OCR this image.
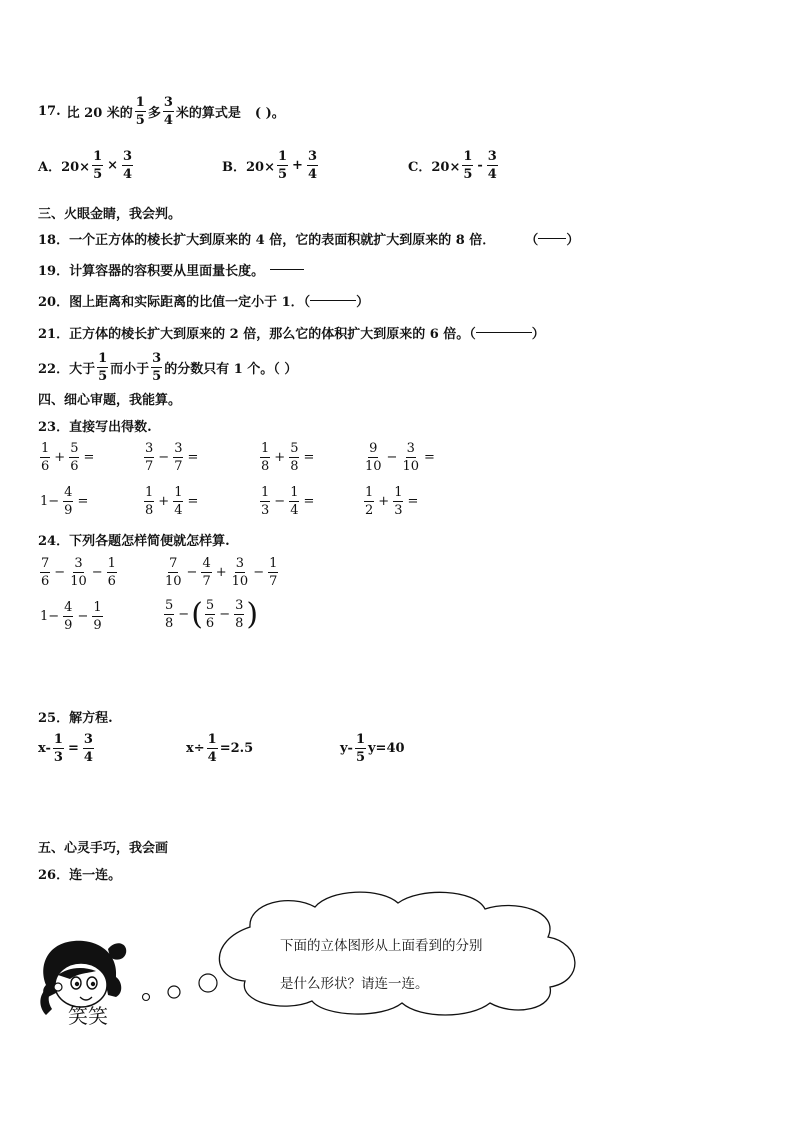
17. 比 20 米的 $\frac{1}{5}$ 多 $\frac{3}{4}$ 米的算式是 ( )。
A．$20\times \frac{1}{5} \times \frac{3}{4}$	B．$20\times \frac{1}{5} + \frac{3}{4}$	C．$20\times \frac{1}{5} - \frac{3}{4}$
三、火眼金睛，我会判。
18．一个正方体的棱长扩大到原来的 4 倍，它的表面积就扩大到原来的 8 倍． （ ）
19．计算容器的容积要从里面量长度。
20．图上距离和实际距离的比值一定小于 1．（	）
21．正方体的棱长扩大到原来的 2 倍，那么它的体积扩大到原来的 6 倍。（	）
22．大于 $\frac{1}{5}$ 而小于 $\frac{3}{5}$ 的分数只有 1 个。（ ）
四、细心审题，我能算。
23．直接写出得数.
$\frac{1}{6} + \frac{5}{6}$ =	$\frac{3}{7} - \frac{3}{7}$ =	$\frac{1}{8} + \frac{5}{8}$ =	$\frac{9}{10} - \frac{3}{10}$ =
$1- \frac{4}{9}$ =	$\frac{1}{8} + \frac{1}{4}$ =	$\frac{1}{3} - \frac{1}{4}$ =	$\frac{1}{2} + \frac{1}{3}$ =
24．下列各题怎样简便就怎样算.
$\frac{7}{6} - \frac{3}{10} - \frac{1}{6}$	$\frac{7}{10} - \frac{4}{7} + \frac{3}{10} - \frac{1}{7}$
$1- \frac{4}{9} - \frac{1}{9}$	$\frac{5}{8}$ − ( $\frac{5}{6} - \frac{3}{8}$ )
25．解方程.
$x- \frac{1}{3} = \frac{3}{4}$	$x\div \frac{1}{4} =2.5$	$y- \frac{1}{5} y=40$
五、心灵手巧，我会画
26．连一连。
下面的立体图形从上面看到的分别
是什么形状？请连一连。
笑笑
